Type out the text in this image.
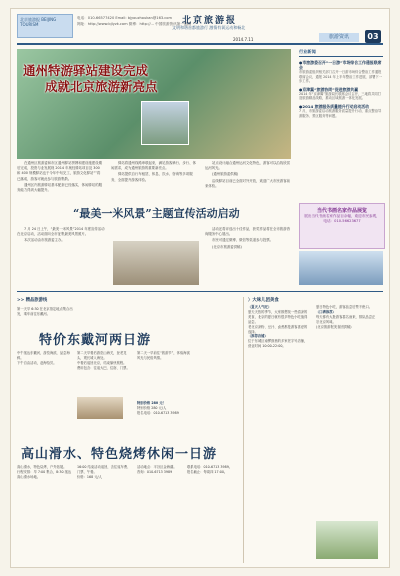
北京旅游报 BEIJING TOURISM
电话：010-66577420 Email: bjyouzhoukan@163.com
网址：http://www.bjlyzk.com 微博：http://... 中国旅游资讯第一品牌
北京旅游报
文明和谐首都旅游行 激情有氧运动和畅北
2014.7.11	旅游资讯	03
通州特游驿站建设完成
成就北京旅游新亮点

在通州区旅游委和市区通州驿站拼搏和建设施建设期后完成，投资与业发展现 2014 年奥经驿站项目及 300 和 400 规模驿站也于今年中旬完工，旅游文化驿站“”将已落成，游客可就此参与旅游集散。

通州区内旅游驿站基本配套已经落实，休闲驿站的服务能力得到大幅提升。

驿站将通州线路串联起来，满足游客骑行、步行、休闲需求，成为通州旅游的重要新亮点。

驿站提供自行车租赁、休息、饮水、咨询等多项服务，全面提升游客体验。

站点设计融合通州运河文化特色，游客可以沿线欣赏运河风光。

(通州旅游委供稿)

沿线驿站目前已全面对外开放，欢迎广大市民游客前来体验。

“最美一米风景”主题宣传活动启动

7 月 24 日上午，“最美一米风景”2014 年度宣传活动在北京启动，活动面向全市征集最美风景照片。

本次活动由市旅游委主办。

活动还将评选出十佳作品，获奖作品将在全市旅游咨询服务中心展出。

市民可通过微博、微信等渠道参与投票。

(北京市旅游委供稿)

行业新闻
●市旅游委召开“一日游”市场综合工作通报联席会
市旅游委组织相关部门召开一日游市场综合整治工作通报联席会议，通报 2014 年上半年整治工作进展，部署下一步工作。
●京津冀“旅游协同”促进旅游共赢
2014 年“京津冀”旅游局长联席会议召开，三地将共同打造旅游精品线路，推动区域旅游一体化发展。
●2014 旅游服务质量提升行动启动活动
7 月，市旅游委启动旅游服务质量提升行动，重点整治导游服务、景区服务等问题。
当代书画名家作品展览
展出当代书画名家作品百余幅，欢迎市民参观，电话：010-56623677
>> 精品旅游线

第一天早 6:30 在北京指定地点集合出发，乘车前往东戴河。

特价东戴河两日游

中午抵达东戴河，游览海滨，品尝海鲜。

下午自由活动，赶海拾贝。

第二天早餐后游览山海关，登老龙头，观长城入海处。

中餐后返回北京，结束愉快旅程。

费用包含：往返大巴、住宿、门票。

第二天一早前往“旅游节”，体验海滨风光与民俗风情。

特别价格 280 元！

特别价格 280 元/人

报名电话：010-6713 3989

高山滑水、特色烧烤休闲一日游

高山滑水，特色烧烤，户外拓展。

行程安排：早 7:00 集合，8:30 抵达高山滑水场地。

16:00 结束活动返回，含往返车费、门票、午餐。

价格：168 元/人

活动地点：平谷区金海湖。

咨询：010-6713 3989

联系电话：010-6713 3989。

报名截止：每周四 17:00。

〉大味儿团美食
〈夏天人气旺〉
夏天天热的季节，大家都想找一些清凉的美食，北京的夏日就有很多特色小吃值得品尝。
老北京凉粉、豆汁、卤煮都是游客喜爱的选择。
〈推荐店铺〉
位于东城区南锣鼓巷的多家老字号店铺，营业时间 10:00-22:00。
夏日特色小吃，游客品尝后赞不绝口。
〈口碑推荐〉
每天都有大批游客慕名而来，排队品尝正宗北京风味。
(北京旅游报美食团供稿)
